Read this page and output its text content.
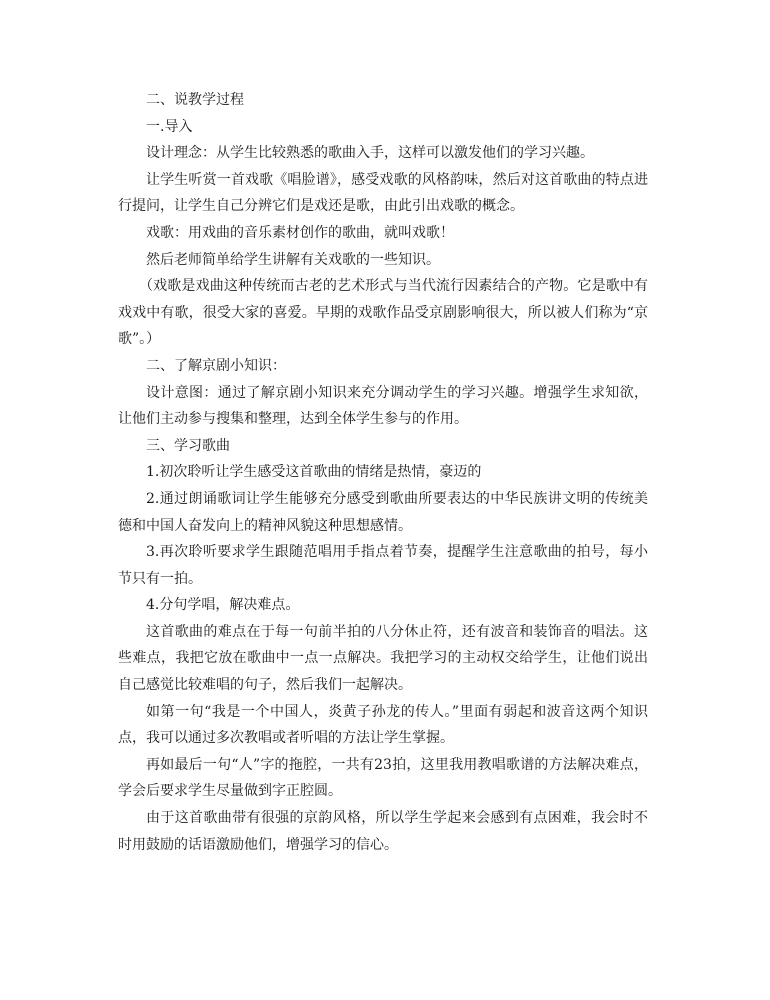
二、说教学过程

一.导入

设计理念：从学生比较熟悉的歌曲入手，这样可以激发他们的学习兴趣。

让学生听赏一首戏歌《唱脸谱》，感受戏歌的风格韵味，然后对这首歌曲的特点进行提问，让学生自己分辨它们是戏还是歌，由此引出戏歌的概念。

戏歌：用戏曲的音乐素材创作的歌曲，就叫戏歌！

然后老师简单给学生讲解有关戏歌的一些知识。

（戏歌是戏曲这种传统而古老的艺术形式与当代流行因素结合的产物。它是歌中有戏戏中有歌，很受大家的喜爱。早期的戏歌作品受京剧影响很大，所以被人们称为“京歌”。）

二、了解京剧小知识：

设计意图：通过了解京剧小知识来充分调动学生的学习兴趣。增强学生求知欲，让他们主动参与搜集和整理，达到全体学生参与的作用。

三、学习歌曲

1.初次聆听让学生感受这首歌曲的情绪是热情，豪迈的

2.通过朗诵歌词让学生能够充分感受到歌曲所要表达的中华民族讲文明的传统美德和中国人奋发向上的精神风貌这种思想感情。

3.再次聆听要求学生跟随范唱用手指点着节奏，提醒学生注意歌曲的拍号，每小节只有一拍。

4.分句学唱，解决难点。

这首歌曲的难点在于每一句前半拍的八分休止符，还有波音和装饰音的唱法。这些难点，我把它放在歌曲中一点一点解决。我把学习的主动权交给学生，让他们说出自己感觉比较难唱的句子，然后我们一起解决。

如第一句“我是一个中国人，炎黄子孙龙的传人。”里面有弱起和波音这两个知识点，我可以通过多次教唱或者听唱的方法让学生掌握。

再如最后一句“人”字的拖腔，一共有23拍，这里我用教唱歌谱的方法解决难点，学会后要求学生尽量做到字正腔圆。

由于这首歌曲带有很强的京韵风格，所以学生学起来会感到有点困难，我会时不时用鼓励的话语激励他们，增强学习的信心。
